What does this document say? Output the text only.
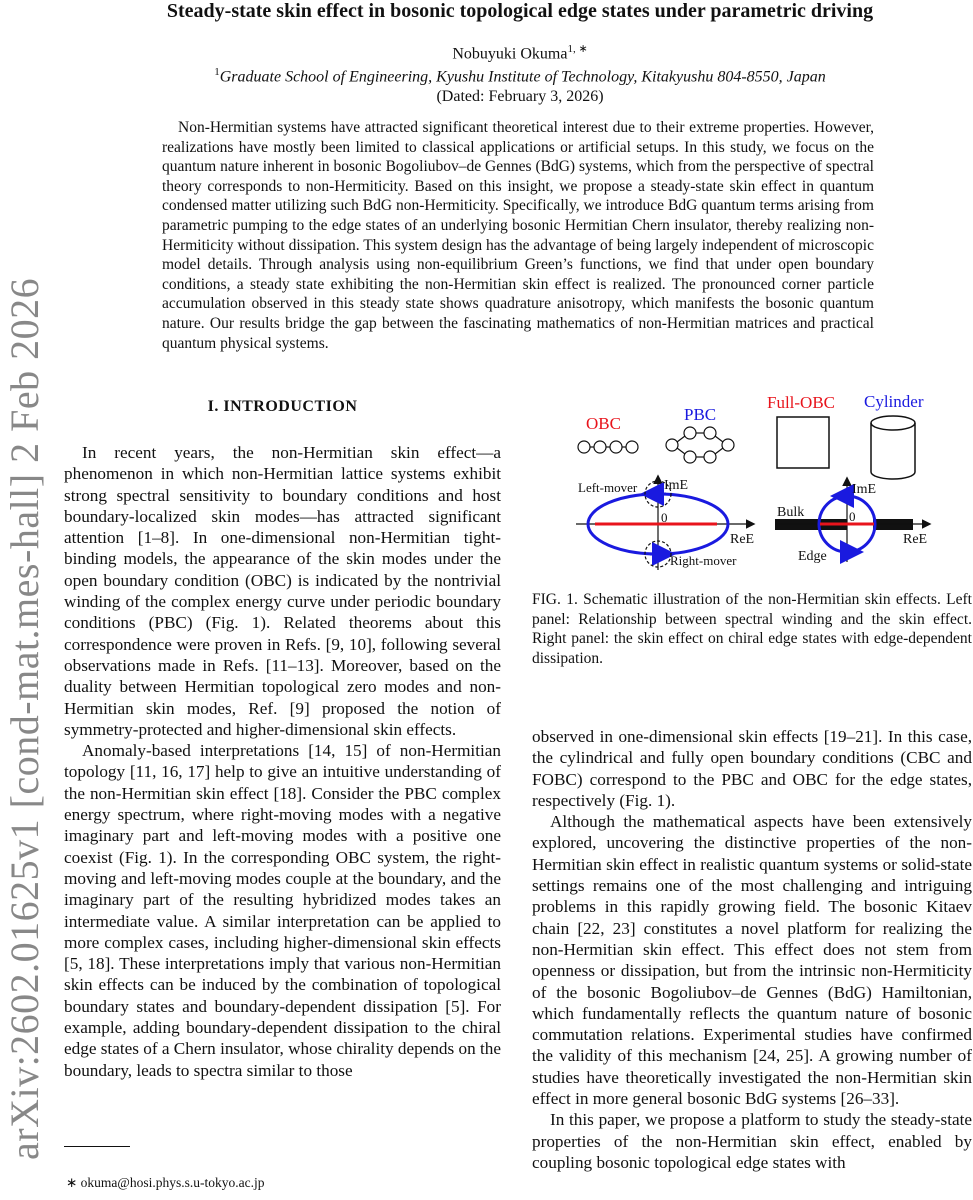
arXiv:2602.01625v1 [cond-mat.mes-hall] 2 Feb 2026
Steady-state skin effect in bosonic topological edge states under parametric driving
Nobuyuki Okuma$^{1, ∗}$
$^1$Graduate School of Engineering, Kyushu Institute of Technology, Kitakyushu 804-8550, Japan
(Dated: February 3, 2026)

Non-Hermitian systems have attracted significant theoretical interest due to their extreme properties. However, realizations have mostly been limited to classical applications or artificial setups. In this study, we focus on the quantum nature inherent in bosonic Bogoliubov–de Gennes (BdG) systems, which from the perspective of spectral theory corresponds to non-Hermiticity. Based on this insight, we propose a steady-state skin effect in quantum condensed matter utilizing such BdG non-Hermiticity. Specifically, we introduce BdG quantum terms arising from parametric pumping to the edge states of an underlying bosonic Hermitian Chern insulator, thereby realizing non-Hermiticity without dissipation. This system design has the advantage of being largely independent of microscopic model details. Through analysis using non-equilibrium Green’s functions, we find that under open boundary conditions, a steady state exhibiting the non-Hermitian skin effect is realized. The pronounced corner particle accumulation observed in this steady state shows quadrature anisotropy, which manifests the bosonic quantum nature. Our results bridge the gap between the fascinating mathematics of non-Hermitian matrices and practical quantum physical systems.

I. INTRODUCTION

In recent years, the non-Hermitian skin effect—a phenomenon in which non-Hermitian lattice systems exhibit strong spectral sensitivity to boundary conditions and host boundary-localized skin modes—has attracted significant attention [1–8]. In one-dimensional non-Hermitian tight-binding models, the appearance of the skin modes under the open boundary condition (OBC) is indicated by the nontrivial winding of the complex energy curve under periodic boundary conditions (PBC) (Fig. 1). Related theorems about this correspondence were proven in Refs. [9, 10], following several observations made in Refs. [11–13]. Moreover, based on the duality between Hermitian topological zero modes and non-Hermitian skin modes, Ref. [9] proposed the notion of symmetry-protected and higher-dimensional skin effects.

Anomaly-based interpretations [14, 15] of non-Hermitian topology [11, 16, 17] help to give an intuitive understanding of the non-Hermitian skin effect [18]. Consider the PBC complex energy spectrum, where right-moving modes with a negative imaginary part and left-moving modes with a positive one coexist (Fig. 1). In the corresponding OBC system, the right-moving and left-moving modes couple at the boundary, and the imaginary part of the resulting hybridized modes takes an intermediate value. A similar interpretation can be applied to more complex cases, including higher-dimensional skin effects [5, 18]. These interpretations imply that various non-Hermitian skin effects can be induced by the combination of topological boundary states and boundary-dependent dissipation [5]. For example, adding boundary-dependent dissipation to the chiral edge states of a Chern insulator, whose chirality depends on the boundary, leads to spectra similar to those

∗ okuma@hosi.phys.s.u-tokyo.ac.jp
OBC	PBC
Full-OBC Cylinder
Left-mover
Right-mover
ImE
0
ReE
Bulk
Edge
ImE
0
ReE
FIG. 1. Schematic illustration of the non-Hermitian skin effects. Left panel: Relationship between spectral winding and the skin effect. Right panel: the skin effect on chiral edge states with edge-dependent dissipation.

observed in one-dimensional skin effects [19–21]. In this case, the cylindrical and fully open boundary conditions (CBC and FOBC) correspond to the PBC and OBC for the edge states, respectively (Fig. 1).

Although the mathematical aspects have been extensively explored, uncovering the distinctive properties of the non-Hermitian skin effect in realistic quantum systems or solid-state settings remains one of the most challenging and intriguing problems in this rapidly growing field. The bosonic Kitaev chain [22, 23] constitutes a novel platform for realizing the non-Hermitian skin effect. This effect does not stem from openness or dissipation, but from the intrinsic non-Hermiticity of the bosonic Bogoliubov–de Gennes (BdG) Hamiltonian, which fundamentally reflects the quantum nature of bosonic commutation relations. Experimental studies have confirmed the validity of this mechanism [24, 25]. A growing number of studies have theoretically investigated the non-Hermitian skin effect in more general bosonic BdG systems [26–33].

In this paper, we propose a platform to study the steady-state properties of the non-Hermitian skin effect, enabled by coupling bosonic topological edge states with
